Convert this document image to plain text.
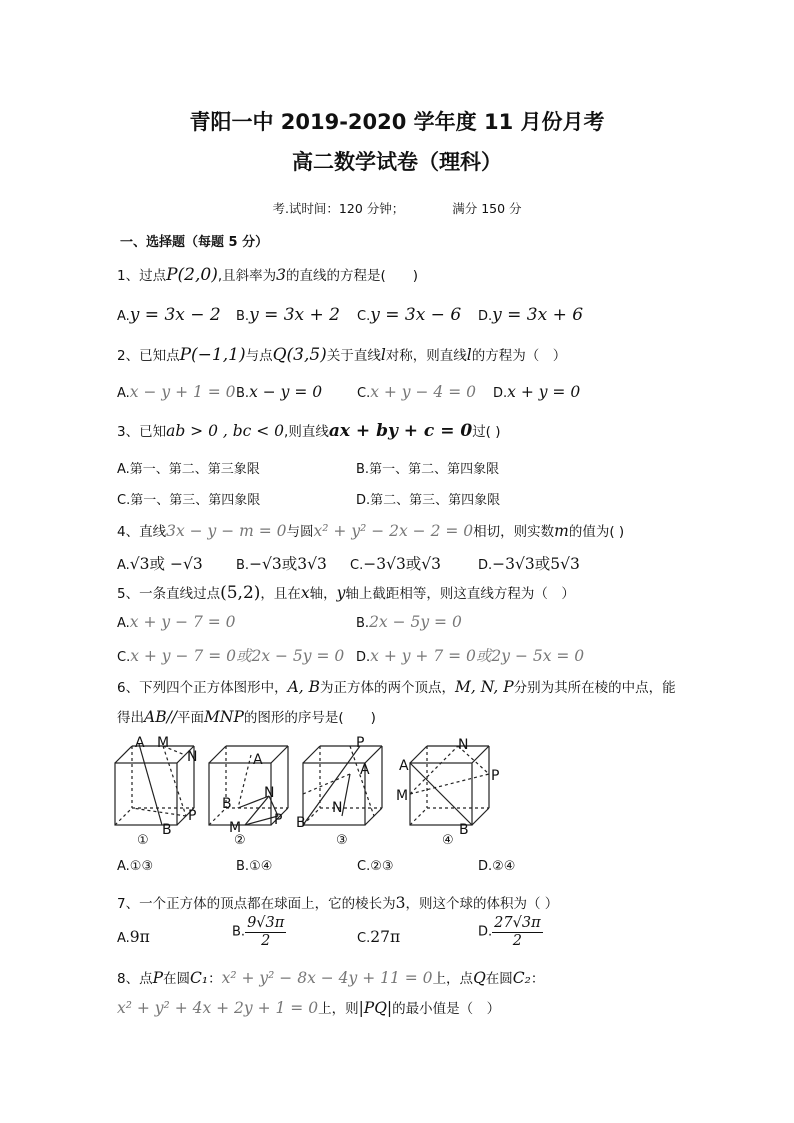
青阳一中 2019-2020 学年度 11 月份月考
高二数学试卷（理科）
考.试时间：120 分钟；	满分 150 分
一、选择题（每题 5 分）
1、过点P(2,0),且斜率为3的直线的方程是(　　)
A.y = 3x − 2 B.y = 3x + 2 C.y = 3x − 6 D.y = 3x + 6
2、已知点P(−1,1)与点Q(3,5)关于直线l对称，则直线l的方程为（　）
A.x − y + 1 = 0 B.x − y = 0	C.x + y − 4 = 0 D.x + y = 0
3、已知ab > 0 , bc < 0,则直线ax + by + c = 0过( )
A.第一、第二、第三象限	B.第一、第二、第四象限
C.第一、第三、第四象限	D.第二、第三、第四象限
4、直线3x − y − m = 0与圆x² + y² − 2x − 2 = 0相切，则实数m的值为( )
A.√3或 −√3	B.−√3或3√3 C.−3√3或√3	D.−3√3或5√3
5、一条直线过点(5,2)，且在x轴，y轴上截距相等，则这直线方程为（　）
A.x + y − 7 = 0	B.2x − 5y = 0
C.x + y − 7 = 0或2x − 5y = 0 D.x + y + 7 = 0或2y − 5x = 0
6、下列四个正方体图形中，A, B为正方体的两个顶点，M, N, P分别为其所在棱的中点，能
得出AB//平面MNP的图形的序号是(　　)
A M
N
P
B
A
B
N
P
M
P
A
N
B
A
N
P
M
B
①	②	③	④
A.①③	B.①④	C.②③	D.②④
7、一个正方体的顶点都在球面上，它的棱长为3，则这个球的体积为（ ）
A.9π	B. $\frac{9√3\pi}{2}$	C.27π	D. $\frac{27√3\pi}{2}$
8、点P在圆C₁：x² + y² − 8x − 4y + 11 = 0上，点Q在圆C₂：
x² + y² + 4x + 2y + 1 = 0上，则|PQ|的最小值是（　）
